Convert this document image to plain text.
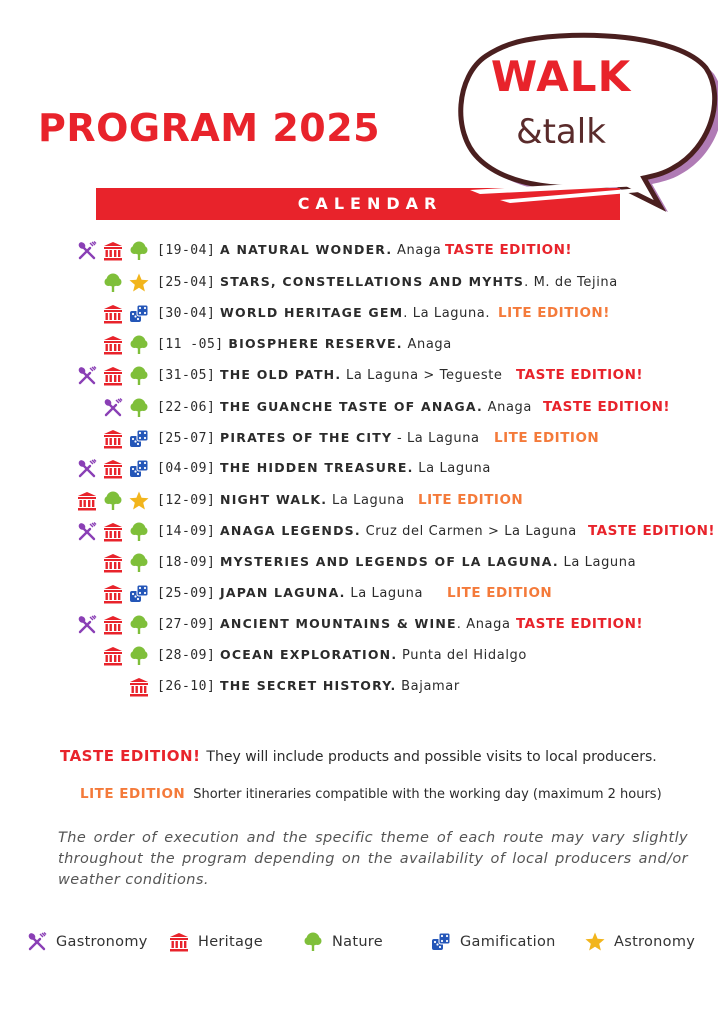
PROGRAM 2025
WALK
&talk
CALENDAR
[19-04] A NATURAL WONDER. Anaga TASTE EDITION!
[25-04] STARS, CONSTELLATIONS AND MYHTS. M. de Tejina
[30-04] WORLD HERITAGE GEM. La Laguna. LITE EDITION!
[11 -05] BIOSPHERE RESERVE. Anaga
[31-05] THE OLD PATH. La Laguna > Tegueste TASTE EDITION!
[22-06] THE GUANCHE TASTE OF ANAGA. Anaga TASTE EDITION!
[25-07] PIRATES OF THE CITY - La Laguna LITE EDITION
[04-09] THE HIDDEN TREASURE. La Laguna
[12-09] NIGHT WALK. La Laguna LITE EDITION
[14-09] ANAGA LEGENDS. Cruz del Carmen > La Laguna TASTE EDITION!
[18-09] MYSTERIES AND LEGENDS OF LA LAGUNA. La Laguna
[25-09] JAPAN LAGUNA. La Laguna LITE EDITION
[27-09] ANCIENT MOUNTAINS & WINE. Anaga TASTE EDITION!
[28-09] OCEAN EXPLORATION. Punta del Hidalgo
[26-10] THE SECRET HISTORY. Bajamar
TASTE EDITION! They will include products and possible visits to local producers.
LITE EDITION Shorter itineraries compatible with the working day (maximum 2 hours)
The order of execution and the specific theme of each route may vary slightly throughout the program depending on the availability of local producers and/or weather conditions.
Gastronomy	Heritage	Nature	Gamification	Astronomy
